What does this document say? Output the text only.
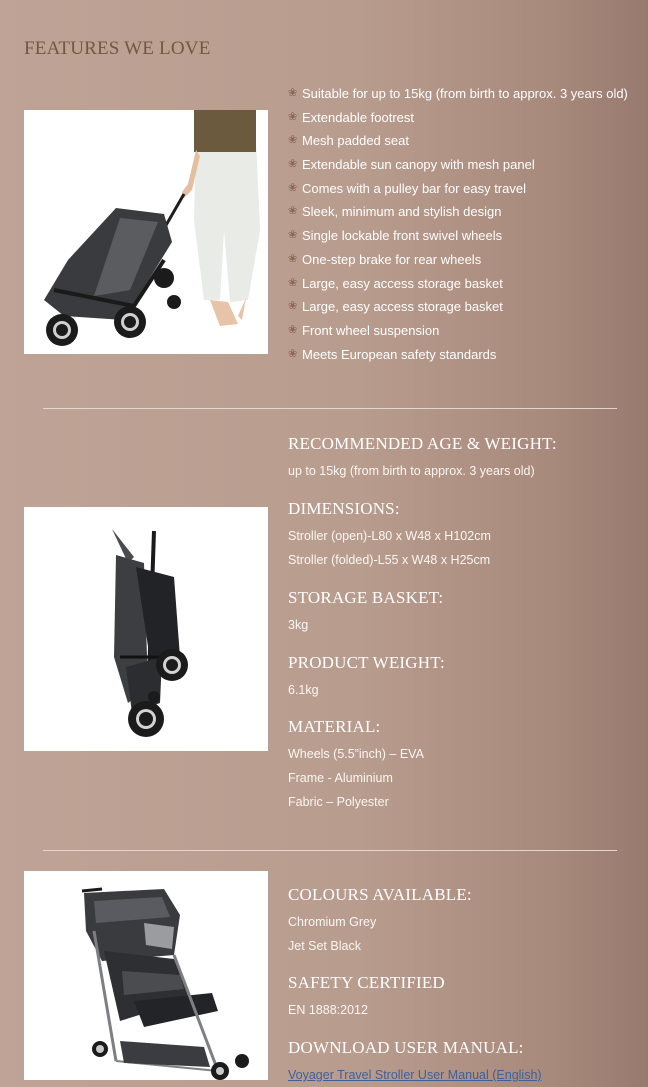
FEATURES WE LOVE
❀ Suitable for up to 15kg (from birth to approx. 3 years old)
❀ Extendable footrest
❀ Mesh padded seat
❀ Extendable sun canopy with mesh panel
❀ Comes with a pulley bar for easy travel
❀ Sleek, minimum and stylish design
❀ Single lockable front swivel wheels
❀ One-step brake for rear wheels
❀ Large, easy access storage basket
❀ Large, easy access storage basket
❀ Front wheel suspension
❀ Meets European safety standards
RECOMMENDED AGE & WEIGHT:
up to 15kg (from birth to approx. 3 years old)
DIMENSIONS:
Stroller (open)-L80 x W48 x H102cm
Stroller (folded)-L55 x W48 x H25cm
STORAGE BASKET:
3kg
PRODUCT WEIGHT:
6.1kg
MATERIAL:
Wheels (5.5”inch) – EVA
Frame - Aluminium
Fabric – Polyester
COLOURS AVAILABLE:
Chromium Grey
Jet Set Black
SAFETY CERTIFIED
EN 1888:2012
DOWNLOAD USER MANUAL:
Voyager Travel Stroller User Manual (English)
